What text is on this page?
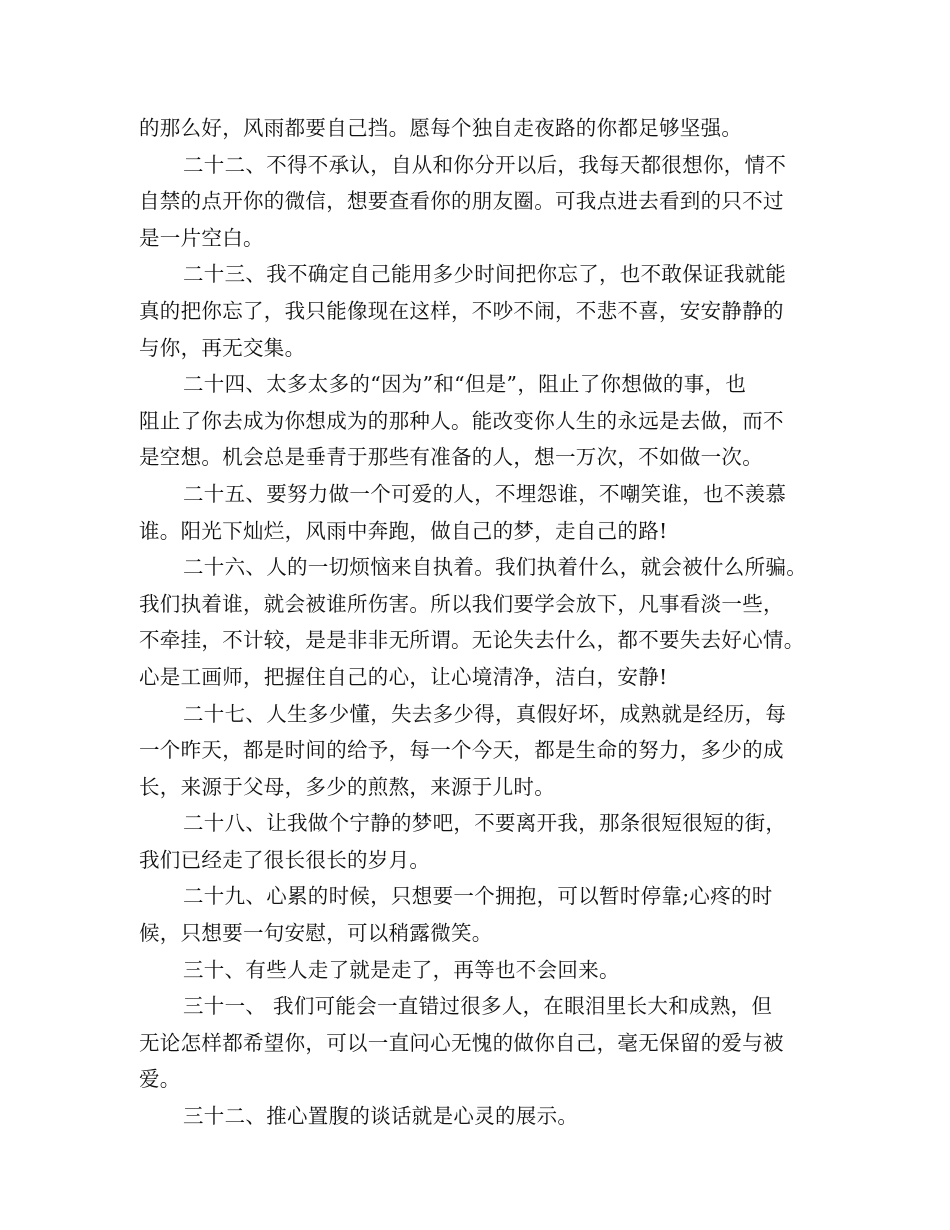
的那么好，风雨都要自己挡。愿每个独自走夜路的你都足够坚强。
二十二、不得不承认，自从和你分开以后，我每天都很想你，情不
自禁的点开你的微信，想要查看你的朋友圈。可我点进去看到的只不过
是一片空白。
二十三、我不确定自己能用多少时间把你忘了，也不敢保证我就能
真的把你忘了，我只能像现在这样，不吵不闹，不悲不喜，安安静静的
与你，再无交集。
二十四、太多太多的“因为”和“但是”，阻止了你想做的事，也
阻止了你去成为你想成为的那种人。能改变你人生的永远是去做，而不
是空想。机会总是垂青于那些有准备的人，想一万次，不如做一次。
二十五、要努力做一个可爱的人，不埋怨谁，不嘲笑谁，也不羡慕
谁。阳光下灿烂，风雨中奔跑，做自己的梦，走自己的路!
二十六、人的一切烦恼来自执着。我们执着什么，就会被什么所骗。
我们执着谁，就会被谁所伤害。所以我们要学会放下，凡事看淡一些，
不牵挂，不计较，是是非非无所谓。无论失去什么，都不要失去好心情。
心是工画师，把握住自己的心，让心境清净，洁白，安静!
二十七、人生多少懂，失去多少得，真假好坏，成熟就是经历，每
一个昨天，都是时间的给予，每一个今天，都是生命的努力，多少的成
长，来源于父母，多少的煎熬，来源于儿时。
二十八、让我做个宁静的梦吧，不要离开我，那条很短很短的街，
我们已经走了很长很长的岁月。
二十九、心累的时候，只想要一个拥抱，可以暂时停靠;心疼的时
候，只想要一句安慰，可以稍露微笑。
三十、有些人走了就是走了，再等也不会回来。
三十一、 我们可能会一直错过很多人，在眼泪里长大和成熟，但
无论怎样都希望你，可以一直问心无愧的做你自己，毫无保留的爱与被
爱。
三十二、推心置腹的谈话就是心灵的展示。
